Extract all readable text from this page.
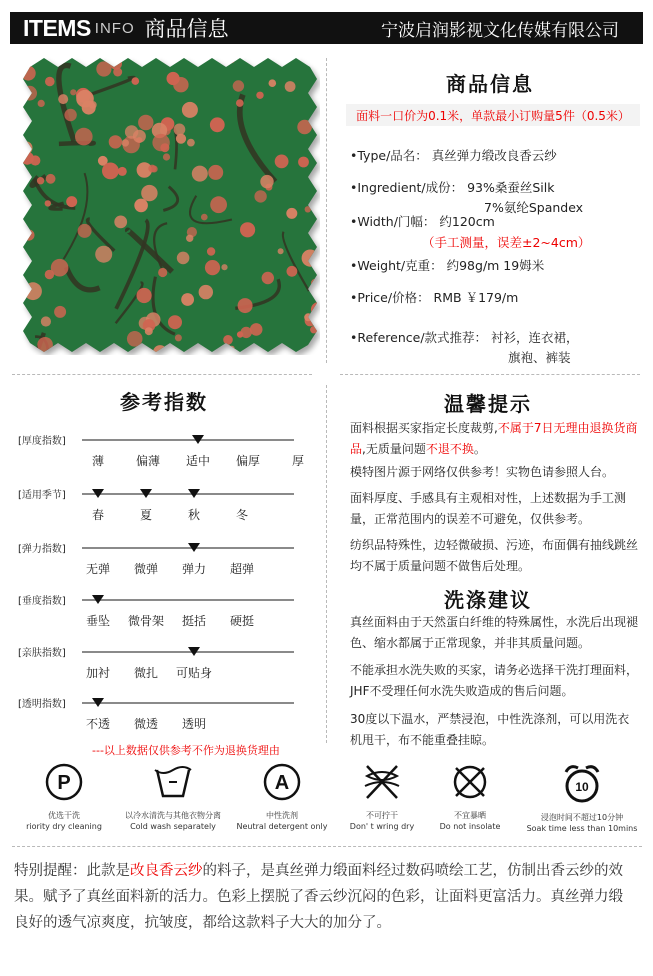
ITEMS INFO 商品信息	宁波启润影视文化传媒有限公司
商品信息
面料一口价为0.1米，单款最小订购量5件（0.5米）
•Type/品名： 真丝弹力缎改良香云纱
•Ingredient/成份： 93%桑蚕丝Silk
7%氨纶Spandex
•Width/门幅： 约120cm
（手工测量，误差±2~4cm）
•Weight/克重： 约98g/m 19姆米
•Price/价格： RMB ￥179/m
•Reference/款式推荐： 衬衫，连衣裙，
旗袍、裤装
参考指数
[厚度指数]
薄	偏薄 适中 偏厚	厚
[适用季节]
春	夏	秋	冬
[弹力指数]
无弹 微弹 弹力 超弹
[垂度指数]
垂坠 微骨架 挺括 硬挺
[亲肤指数]
加衬 微扎 可贴身
[透明指数]
不透 微透 透明
---以上数据仅供参考不作为退换货理由
温馨提示
面料根据买家指定长度裁剪,不属于7日无理由退换货商品,无质量问题不退不换。
模特图片源于网络仅供参考！实物色请参照人台。
面料厚度、手感具有主观相对性，上述数据为手工测量，正常范围内的误差不可避免，仅供参考。
纺织品特殊性，边轻微破损、污迹，布面偶有抽线跳丝均不属于质量问题不做售后处理。
洗涤建议
真丝面料由于天然蛋白纤维的特殊属性，水洗后出现褪色、缩水都属于正常现象，并非其质量问题。
不能承担水洗失败的买家，请务必选择干洗打理面料，JHF不受理任何水洗失败造成的售后问题。
30度以下温水，严禁浸泡，中性洗涤剂，可以用洗衣机甩干，布不能重叠挂晾。
P
优选干洗
riority dry cleaning
以冷水清洗与其他衣物分离
Cold wash separately
A
中性洗剂
Neutral detergent only
不可拧干
Don' t wring dry
不宜暴晒
Do not insolate
10
浸泡时间不超过10分钟
Soak time less than 10mins
特别提醒：此款是改良香云纱的料子，是真丝弹力缎面料经过数码喷绘工艺，仿制出香云纱的效果。赋予了真丝面料新的活力。色彩上摆脱了香云纱沉闷的色彩，让面料更富活力。真丝弹力缎良好的透气凉爽度，抗皱度，都给这款料子大大的加分了。
